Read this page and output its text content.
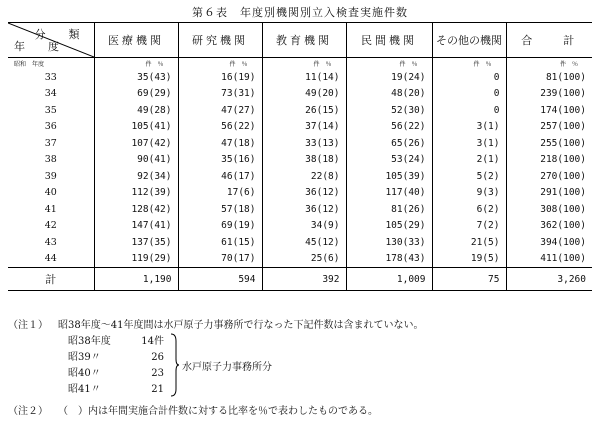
第６表　年度別機関別立入検査実施件数
分　類
年　度	医療機関	研究機関	教育機関	民間機関	その他の機関	合　　計
昭和　年度	件　％	件　％	件　％	件　％	件　％	件　％
33	35(43)	16(19)	11(14)	19(24)	0	81(100)
34	69(29)	73(31)	49(20)	48(20)	0	239(100)
35	49(28)	47(27)	26(15)	52(30)	0	174(100)
36	105(41)	56(22)	37(14)	56(22)	3(1)	257(100)
37	107(42)	47(18)	33(13)	65(26)	3(1)	255(100)
38	90(41)	35(16)	38(18)	53(24)	2(1)	218(100)
39	92(34)	46(17)	22(8)	105(39)	5(2)	270(100)
40	112(39)	17(6)	36(12)	117(40)	9(3)	291(100)
41	128(42)	57(18)	36(12)	81(26)	6(2)	308(100)
42	147(41)	69(19)	34(9)	105(29)	7(2)	362(100)
43	137(35)	61(15)	45(12)	130(33)	21(5)	394(100)
44	119(29)	70(17)	25(6)	178(43)	19(5)	411(100)
計	1,190	594	392	1,009	75	3,260
（注１） 昭38年度～41年度間は水戸原子力事務所で行なった下記件数は含まれていない。
昭38年度	14件
昭39〃	26
昭40〃	23
昭41〃	21
水戸原子力事務所分
（注２） （　）内は年間実施合計件数に対する比率を％で表わしたものである。
